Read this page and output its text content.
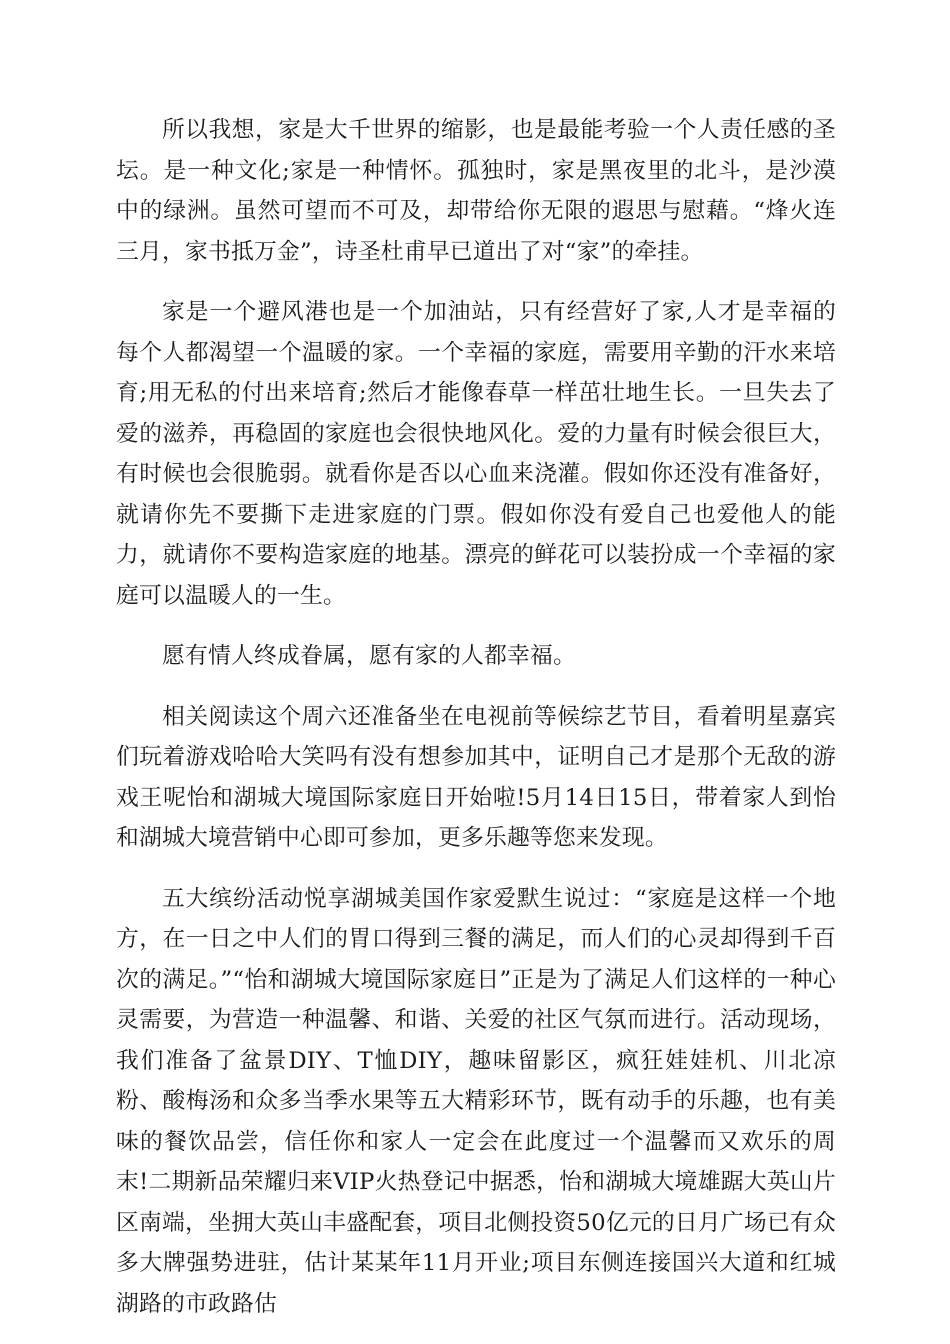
所以我想，家是大千世界的缩影，也是最能考验一个人责任感的圣坛。是一种文化;家是一种情怀。孤独时，家是黑夜里的北斗，是沙漠中的绿洲。虽然可望而不可及，却带给你无限的遐思与慰藉。“烽火连三月，家书抵万金”，诗圣杜甫早已道出了对“家”的牵挂。

家是一个避风港也是一个加油站，只有经营好了家,人才是幸福的每个人都渴望一个温暖的家。一个幸福的家庭，需要用辛勤的汗水来培育;用无私的付出来培育;然后才能像春草一样茁壮地生长。一旦失去了爱的滋养，再稳固的家庭也会很快地风化。爱的力量有时候会很巨大，有时候也会很脆弱。就看你是否以心血来浇灌。假如你还没有准备好，就请你先不要撕下走进家庭的门票。假如你没有爱自己也爱他人的能力，就请你不要构造家庭的地基。漂亮的鲜花可以装扮成一个幸福的家庭可以温暖人的一生。

愿有情人终成眷属，愿有家的人都幸福。

相关阅读这个周六还准备坐在电视前等候综艺节目，看着明星嘉宾们玩着游戏哈哈大笑吗有没有想参加其中，证明自己才是那个无敌的游戏王呢怡和湖城大境国际家庭日开始啦!5月14日15日，带着家人到怡和湖城大境营销中心即可参加，更多乐趣等您来发现。

五大缤纷活动悦享湖城美国作家爱默生说过：“家庭是这样一个地方，在一日之中人们的胃口得到三餐的满足，而人们的心灵却得到千百次的满足。”“怡和湖城大境国际家庭日”正是为了满足人们这样的一种心灵需要，为营造一种温馨、和谐、关爱的社区气氛而进行。活动现场，我们准备了盆景DIY、T恤DIY，趣味留影区，疯狂娃娃机、川北凉粉、酸梅汤和众多当季水果等五大精彩环节，既有动手的乐趣，也有美味的餐饮品尝，信任你和家人一定会在此度过一个温馨而又欢乐的周末!二期新品荣耀归来VIP火热登记中据悉，怡和湖城大境雄踞大英山片区南端，坐拥大英山丰盛配套，项目北侧投资50亿元的日月广场已有众多大牌强势进驻，估计某某年11月开业;项目东侧连接国兴大道和红城湖路的市政路估
